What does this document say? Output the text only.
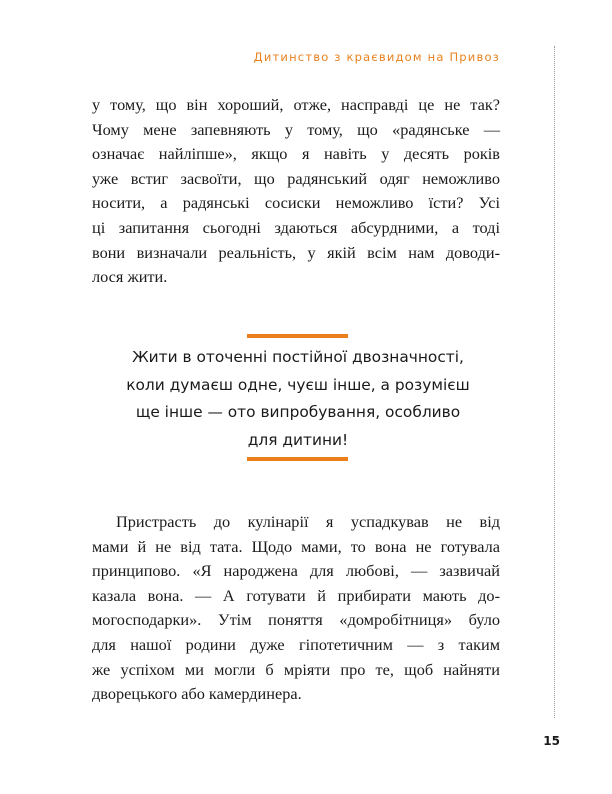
Дитинство з краєвидом на Привоз
у тому, що він хороший, отже, насправді це не так?
Чому мене запевняють у тому, що «радянське —
означає найліпше», якщо я навіть у десять років
уже встиг засвоїти, що радянський одяг неможливо
носити, а радянські сосиски неможливо їсти? Усі
ці запитання сьогодні здаються абсурдними, а тоді
вони визначали реальність, у якій всім нам доводи-
лося жити.
Жити в оточенні постійної двозначності,
коли думаєш одне, чуєш інше, а розумієш
ще інше — ото випробування, особливо
для дитини!
Пристрасть до кулінарії я успадкував не від
мами й не від тата. Щодо мами, то вона не готувала
принципово. «Я народжена для любові, — зазвичай
казала вона. — А готувати й прибирати мають до-
могосподарки». Утім поняття «домробітниця» було
для нашої родини дуже гіпотетичним — з таким
же успіхом ми могли б мріяти про те, щоб найняти
дворецького або камердинера.
15
